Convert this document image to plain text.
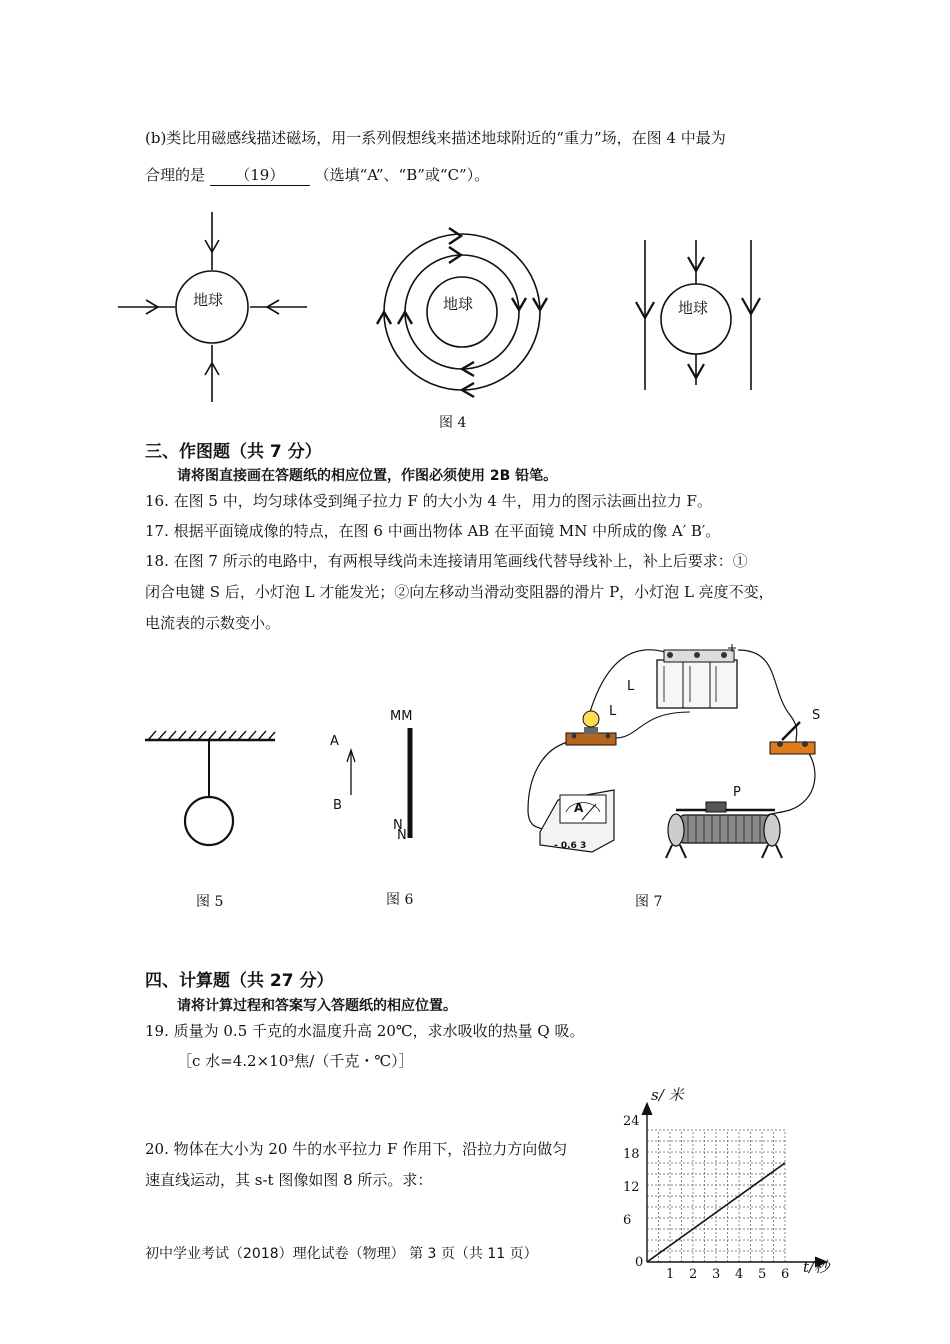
(b)类比用磁感线描述磁场，用一系列假想线来描述地球附近的“重力”场，在图 4 中最为
合理的是 （19） （选填“A”、“B”或“C”）。
地球	地球	地球
图 4
三、作图题（共 7 分）
请将图直接画在答题纸的相应位置，作图必须使用 2B 铅笔。
16. 在图 5 中，均匀球体受到绳子拉力 F 的大小为 4 牛，用力的图示法画出拉力 F。
17. 根据平面镜成像的特点，在图 6 中画出物体 AB 在平面镜 MN 中所成的像 A′ B′。
18. 在图 7 所示的电路中，有两根导线尚未连接请用笔画线代替导线补上，补上后要求：①
闭合电键 S 后，小灯泡 L 才能发光；②向左移动当滑动变阻器的滑片 P，小灯泡 L 亮度不变，
电流表的示数变小。
MM
A
B
N
N
L
L	S
P
A
- 0.6 3
图 5	图 6	图 7
四、计算题（共 27 分）
请将计算过程和答案写入答题纸的相应位置。
19. 质量为 0.5 千克的水温度升高 20℃，求水吸收的热量 Q 吸。
［c 水=4.2×10³焦/（千克・℃）］
20. 物体在大小为 20 牛的水平拉力 F 作用下，沿拉力方向做匀
速直线运动，其 s-t 图像如图 8 所示。求：
s/ 米
t/秒
0
1 2 3 4 5 6
6
12
18
24
初中学业考试（2018）理化试卷（物理） 第 3 页（共 11 页）
